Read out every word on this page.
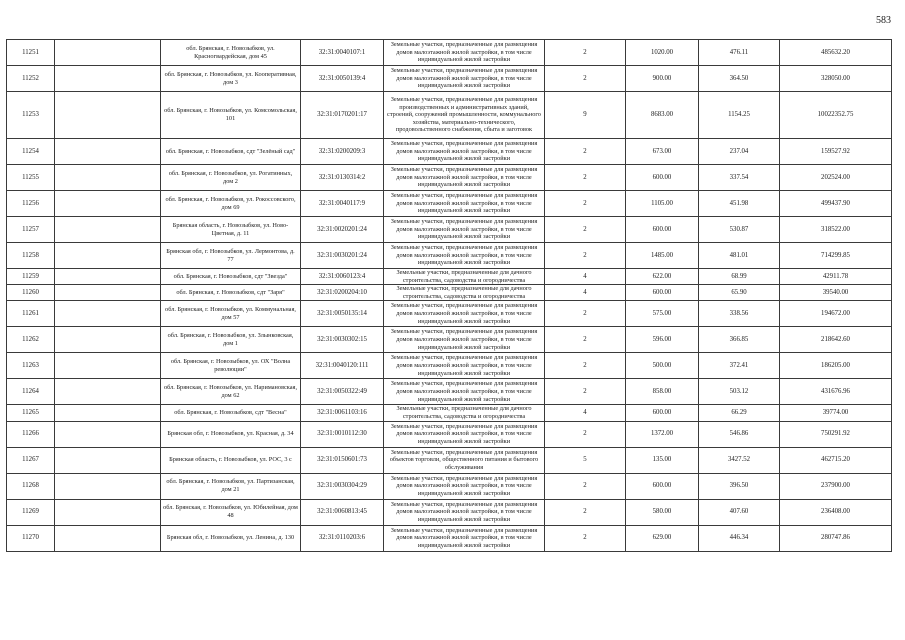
583
11251		обл. Брянская, г. Новозыбков, ул. Красногвардейская, дом 45	32:31:0040107:1	Земельные участки, предназначенные для размещения домов малоэтажной жилой застройки, в том числе индивидуальной жилой застройки	2	1020.00	476.11	485632.20
11252		обл. Брянская, г. Новозыбков, ул. Кооперативная, дом 3	32:31:0050139:4	Земельные участки, предназначенные для размещения домов малоэтажной жилой застройки, в том числе индивидуальной жилой застройки	2	900.00	364.50	328050.00
11253		обл. Брянская, г. Новозыбков, ул. Комсомольская, 101	32:31:0170201:17	Земельные участки, предназначенные для размещения производственных и административных зданий, строений, сооружений промышленности, коммунального хозяйства, материально-технического, продовольственного снабжения, сбыта и заготовок	9	8683.00	1154.25	10022352.75
11254		обл. Брянская, г. Новозыбков, сдт "Зелёный сад"	32:31:0200209:3	Земельные участки, предназначенные для размещения домов малоэтажной жилой застройки, в том числе индивидуальной жилой застройки	2	673.00	237.04	159527.92
11255		обл. Брянская, г. Новозыбков, ул. Рогатинных, дом 2	32:31:0130314:2	Земельные участки, предназначенные для размещения домов малоэтажной жилой застройки, в том числе индивидуальной жилой застройки	2	600.00	337.54	202524.00
11256		обл. Брянская, г. Новозыбков, ул. Рокоссовского, дом 69	32:31:0040117:9	Земельные участки, предназначенные для размещения домов малоэтажной жилой застройки, в том числе индивидуальной жилой застройки	2	1105.00	451.98	499437.90
11257		Брянская область, г. Новозыбков, ул. Ново-Цветная, д. 11	32:31:0020201:24	Земельные участки, предназначенные для размещения домов малоэтажной жилой застройки, в том числе индивидуальной жилой застройки	2	600.00	530.87	318522.00
11258		Брянская обл, г. Новозыбков, ул. Лермонтова, д. 77	32:31:0030201:24	Земельные участки, предназначенные для размещения домов малоэтажной жилой застройки, в том числе индивидуальной жилой застройки	2	1485.00	481.01	714299.85
11259		обл. Брянская, г. Новозыбков, сдт "Звезда"	32:31:0060123:4	Земельные участки, предназначенные для дачного строительства, садоводства и огородничества	4	622.00	68.99	42911.78
11260		обл. Брянская, г. Новозыбков, сдт "Заря"	32:31:0200204:10	Земельные участки, предназначенные для дачного строительства, садоводства и огородничества	4	600.00	65.90	39540.00
11261		обл. Брянская, г. Новозыбков, ул. Коммунальная, дом 57	32:31:0050135:14	Земельные участки, предназначенные для размещения домов малоэтажной жилой застройки, в том числе индивидуальной жилой застройки	2	575.00	338.56	194672.00
11262		обл. Брянская, г. Новозыбков, ул. Злынковская, дом 1	32:31:0030302:15	Земельные участки, предназначенные для размещения домов малоэтажной жилой застройки, в том числе индивидуальной жилой застройки	2	596.00	366.85	218642.60
11263		обл. Брянская, г. Новозыбков, ул. ОХ "Волна революции"	32:31:0040120:111	Земельные участки, предназначенные для размещения домов малоэтажной жилой застройки, в том числе индивидуальной жилой застройки	2	500.00	372.41	186205.00
11264		обл. Брянская, г. Новозыбков, ул. Наримановская, дом 62	32:31:0050322:49	Земельные участки, предназначенные для размещения домов малоэтажной жилой застройки, в том числе индивидуальной жилой застройки	2	858.00	503.12	431676.96
11265		обл. Брянская, г. Новозыбков, сдт "Весна"	32:31:0061103:16	Земельные участки, предназначенные для дачного строительства, садоводства и огородничества	4	600.00	66.29	39774.00
11266		Брянская обл, г. Новозыбков, ул. Красная, д. 34	32:31:0010112:30	Земельные участки, предназначенные для размещения домов малоэтажной жилой застройки, в том числе индивидуальной жилой застройки	2	1372.00	546.86	750291.92
11267		Брянская область, г. Новозыбков, ул. РОС, 3 с	32:31:0150601:73	Земельные участки, предназначенные для размещения объектов торговли, общественного питания и бытового обслуживания	5	135.00	3427.52	462715.20
11268		обл. Брянская, г. Новозыбков, ул. Партизанская, дом 21	32:31:0030304:29	Земельные участки, предназначенные для размещения домов малоэтажной жилой застройки, в том числе индивидуальной жилой застройки	2	600.00	396.50	237900.00
11269		обл. Брянская, г. Новозыбков, ул. Юбилейная, дом 48	32:31:0060813:45	Земельные участки, предназначенные для размещения домов малоэтажной жилой застройки, в том числе индивидуальной жилой застройки	2	580.00	407.60	236408.00
11270		Брянская обл, г. Новозыбков, ул. Ленина, д. 130	32:31:0110203:6	Земельные участки, предназначенные для размещения домов малоэтажной жилой застройки, в том числе индивидуальной жилой застройки	2	629.00	446.34	280747.86
